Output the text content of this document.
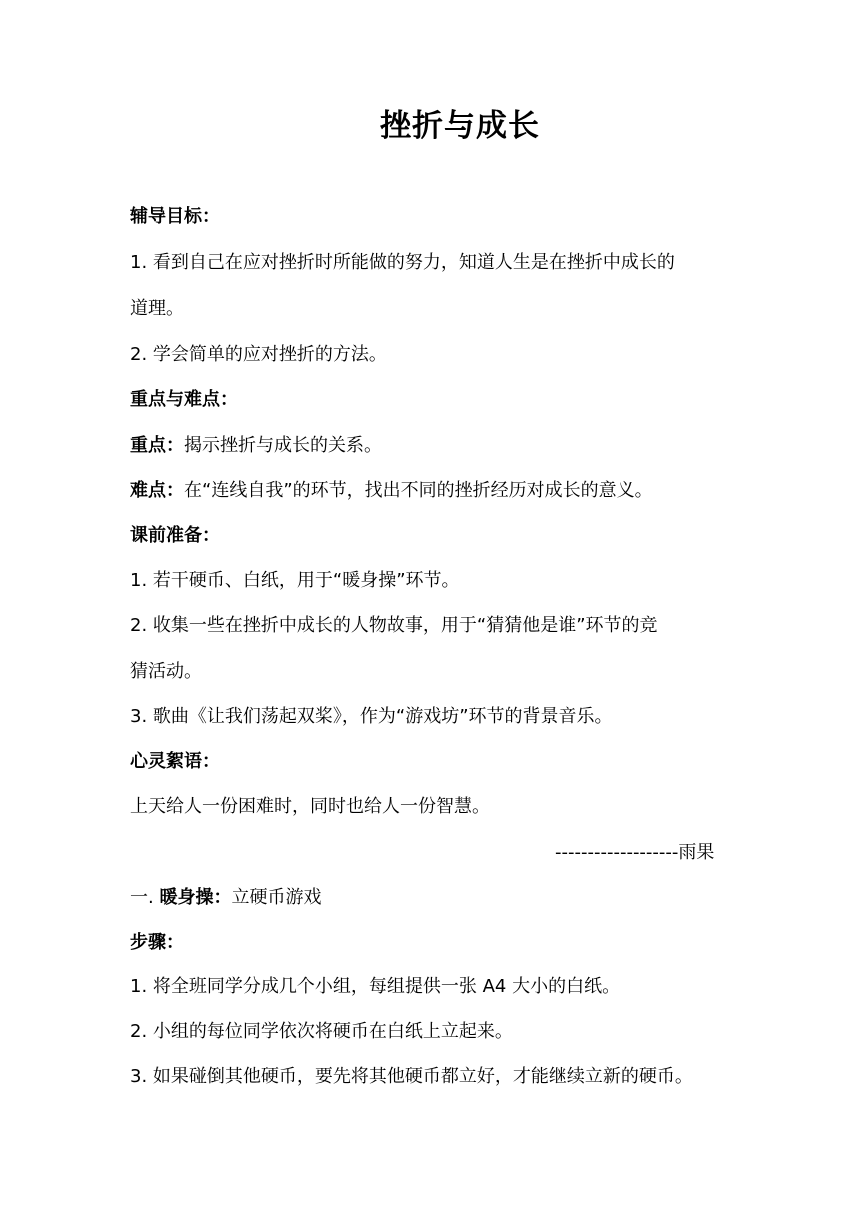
挫折与成长
辅导目标：
1. 看到自己在应对挫折时所能做的努力，知道人生是在挫折中成长的
道理。
2. 学会简单的应对挫折的方法。
重点与难点：
重点：揭示挫折与成长的关系。
难点：在“连线自我”的环节，找出不同的挫折经历对成长的意义。
课前准备：
1. 若干硬币、白纸，用于“暖身操”环节。
2. 收集一些在挫折中成长的人物故事，用于“猜猜他是谁”环节的竞
猜活动。
3. 歌曲《让我们荡起双桨》，作为“游戏坊”环节的背景音乐。
心灵絮语：
上天给人一份困难时，同时也给人一份智慧。
-------------------雨果
一. 暖身操：立硬币游戏
步骤：
1. 将全班同学分成几个小组，每组提供一张 A4 大小的白纸。
2. 小组的每位同学依次将硬币在白纸上立起来。
3. 如果碰倒其他硬币，要先将其他硬币都立好，才能继续立新的硬币。
